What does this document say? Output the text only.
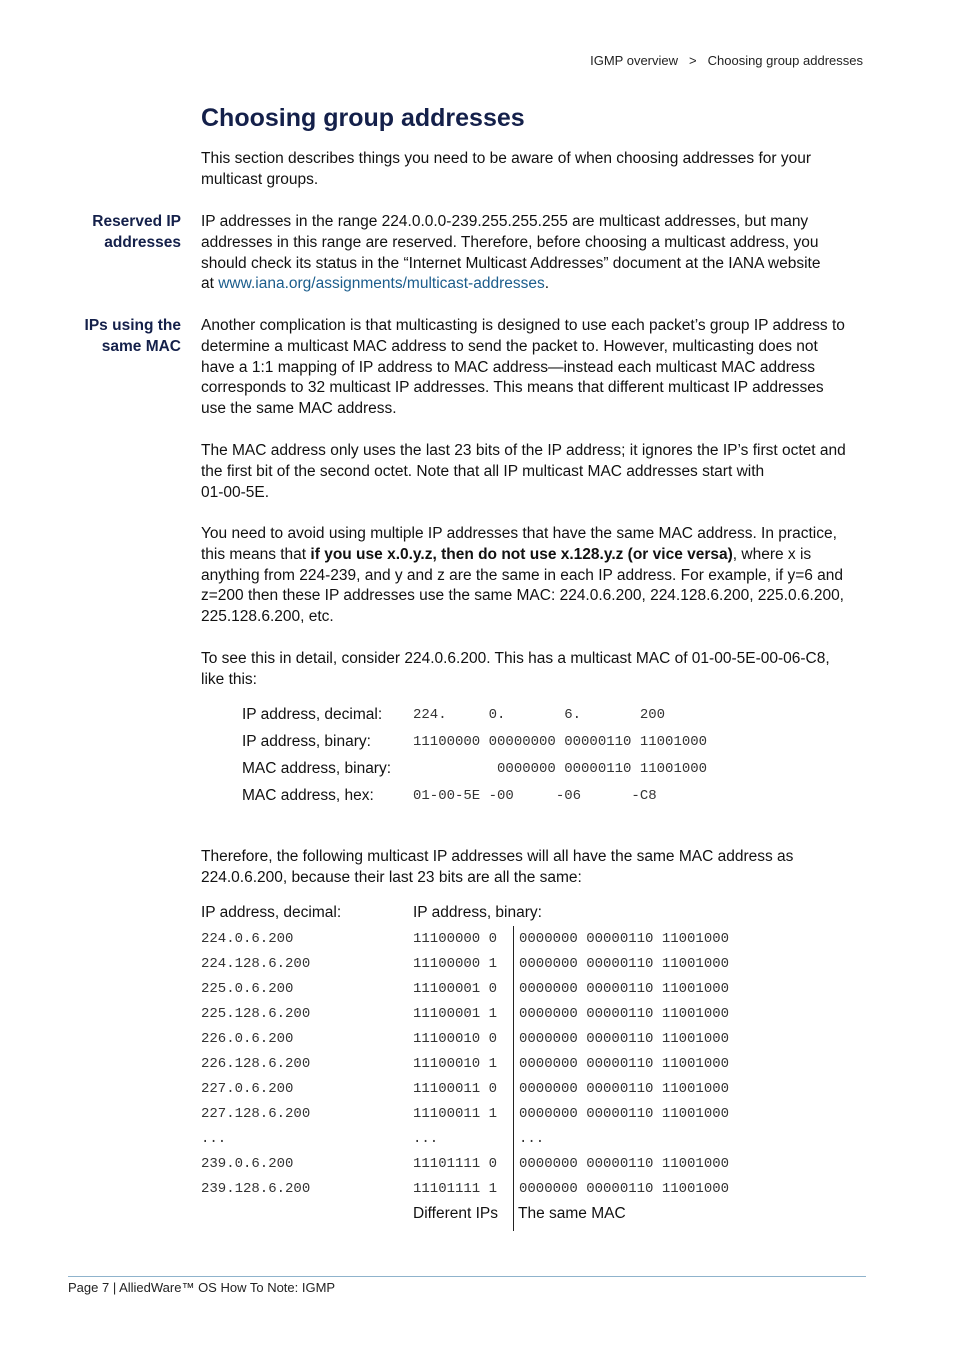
IGMP overview > Choosing group addresses
Choosing group addresses

This section describes things you need to be aware of when choosing addresses for your multicast groups.

Reserved IP
addresses
IP addresses in the range 224.0.0.0-239.255.255.255 are multicast addresses, but many
addresses in this range are reserved. Therefore, before choosing a multicast address, you
should check its status in the “Internet Multicast Addresses” document at the IANA website
at www.iana.org/assignments/multicast-addresses.
IPs using the
same MAC
Another complication is that multicasting is designed to use each packet’s group IP address to
determine a multicast MAC address to send the packet to. However, multicasting does not
have a 1:1 mapping of IP address to MAC address—instead each multicast MAC address
corresponds to 32 multicast IP addresses. This means that different multicast IP addresses
use the same MAC address.
The MAC address only uses the last 23 bits of the IP address; it ignores the IP’s first octet and
the first bit of the second octet. Note that all IP multicast MAC addresses start with
01-00-5E.
You need to avoid using multiple IP addresses that have the same MAC address. In practice,
this means that if you use x.0.y.z, then do not use x.128.y.z (or vice versa), where x is
anything from 224-239, and y and z are the same in each IP address. For example, if y=6 and
z=200 then these IP addresses use the same MAC: 224.0.6.200, 224.128.6.200, 225.0.6.200,
225.128.6.200, etc.
To see this in detail, consider 224.0.6.200. This has a multicast MAC of 01-00-5E-00-06-C8,
like this:
IP address, decimal: 224.     0.       6.       200
IP address, binary:	11100000 00000000 00000110 11001000
MAC address, binary: 0000000 00000110 11001000
MAC address, hex:	01-00-5E -00     -06      -C8
Therefore, the following multicast IP addresses will all have the same MAC address as
224.0.6.200, because their last 23 bits are all the same:
IP address, decimal:	IP address, binary:
224.0.6.200	11100000 0 0000000 00000110 11001000
224.128.6.200	11100000 1 0000000 00000110 11001000
225.0.6.200	11100001 0 0000000 00000110 11001000
225.128.6.200	11100001 1 0000000 00000110 11001000
226.0.6.200	11100010 0 0000000 00000110 11001000
226.128.6.200	11100010 1 0000000 00000110 11001000
227.0.6.200	11100011 0 0000000 00000110 11001000
227.128.6.200	11100011 1 0000000 00000110 11001000
...	...	...
239.0.6.200	11101111 0 0000000 00000110 11001000
239.128.6.200	11101111 1 0000000 00000110 11001000
Different IPs The same MAC
Page 7 | AlliedWare™ OS How To Note: IGMP
